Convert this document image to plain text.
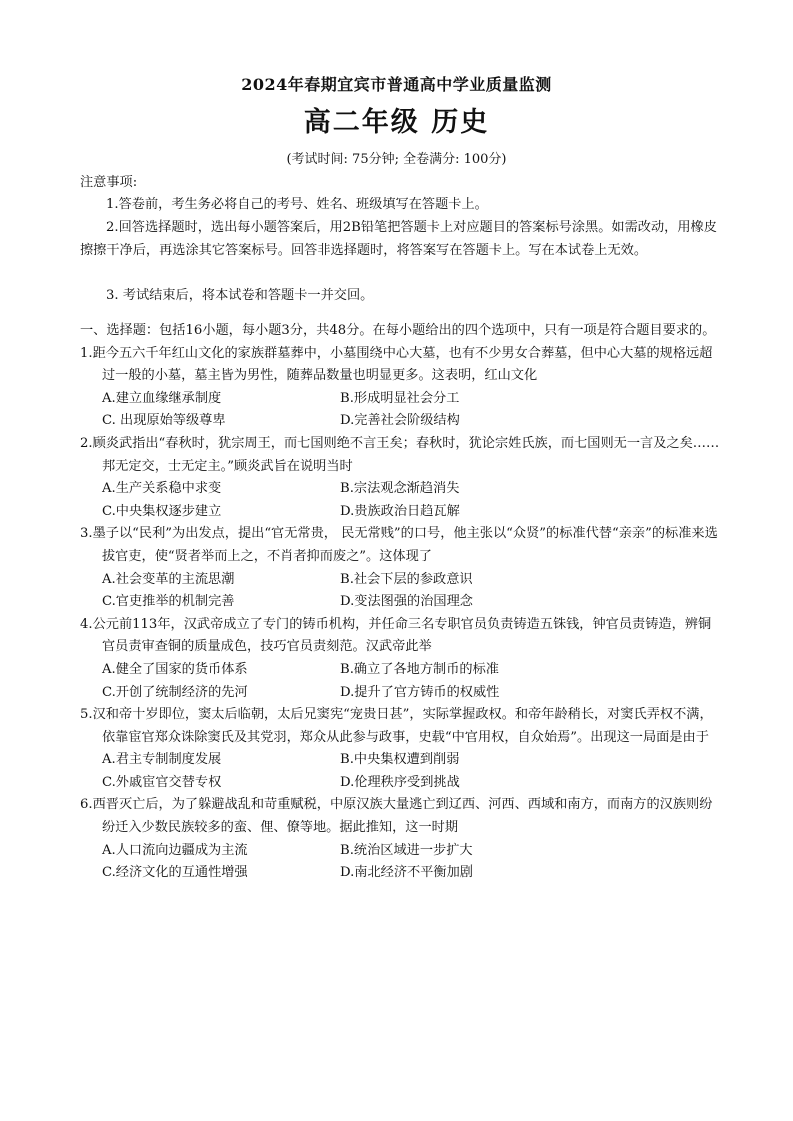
2024年春期宜宾市普通高中学业质量监测
高二年级 历史
(考试时间: 75分钟; 全卷满分: 100分)
注意事项:
1.答卷前，考生务必将自己的考号、姓名、班级填写在答题卡上。
2.回答选择题时，选出每小题答案后，用2B铅笔把答题卡上对应题目的答案标号涂黑。如需改动，用橡皮擦擦干净后，再选涂其它答案标号。回答非选择题时，将答案写在答题卡上。写在本试卷上无效。
3. 考试结束后，将本试卷和答题卡一并交回。
一、选择题：包括16小题，每小题3分，共48分。在每小题给出的四个选项中，只有一项是符合题目要求的。
1.距今五六千年红山文化的家族群墓葬中，小墓围绕中心大墓，也有不少男女合葬墓，但中心大墓的规格远超过一般的小墓，墓主皆为男性，随葬品数量也明显更多。这表明，红山文化
A.建立血缘继承制度	B.形成明显社会分工
C. 出现原始等级尊卑	D.完善社会阶级结构
2.顾炎武指出“春秋时，犹宗周王，而七国则绝不言王矣；春秋时，犹论宗姓氏族，而七国则无一言及之矣……邦无定交，士无定主。”顾炎武旨在说明当时
A.生产关系稳中求变	B.宗法观念渐趋消失
C.中央集权逐步建立	D.贵族政治日趋瓦解
3.墨子以“民利”为出发点，提出“官无常贵， 民无常贱”的口号，他主张以“众贤”的标准代替“亲亲”的标准来选拔官吏，使“贤者举而上之，不肖者抑而废之”。这体现了
A.社会变革的主流思潮	B.社会下层的参政意识
C.官吏推举的机制完善	D.变法图强的治国理念
4.公元前113年，汉武帝成立了专门的铸币机构，并任命三名专职官员负责铸造五铢钱，钟官员责铸造，辨铜官员责审查铜的质量成色，技巧官员责刻范。汉武帝此举
A.健全了国家的货币体系	B.确立了各地方制币的标准
C.开创了统制经济的先河	D.提升了官方铸币的权威性
5.汉和帝十岁即位，窦太后临朝，太后兄窦宪“宠贵日甚”，实际掌握政权。和帝年龄稍长，对窦氏弄权不满，依靠宦官郑众诛除窦氏及其党羽，郑众从此参与政事，史载“中官用权，自众始焉”。出现这一局面是由于
A.君主专制制度发展	B.中央集权遭到削弱
C.外戚宦官交替专权	D.伦理秩序受到挑战
6.西晋灭亡后，为了躲避战乱和苛重赋税，中原汉族大量逃亡到辽西、河西、西域和南方，而南方的汉族则纷纷迁入少数民族较多的蛮、俚、僚等地。据此推知，这一时期
A.人口流向边疆成为主流	B.统治区域进一步扩大
C.经济文化的互通性增强	D.南北经济不平衡加剧
